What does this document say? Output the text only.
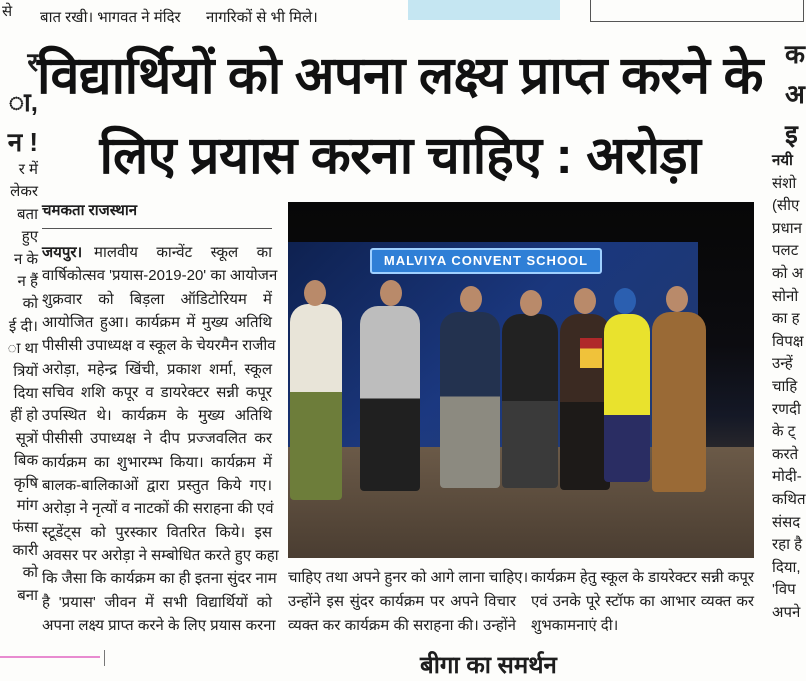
से बात रखी। भागवत ने मंदिर नागरिकों से भी मिले।
विद्यार्थियों को अपना लक्ष्य प्राप्त करने के
लिए प्रयास करना चाहिए : अरोड़ा
चमकता राजस्थान
जयपुर। मालवीय कान्वेंट स्कूल का
वार्षिकोत्सव 'प्रयास-2019-20' का आयोजन
शुक्रवार को बिड़ला ऑडिटोरियम में
आयोजित हुआ। कार्यक्रम में मुख्य अतिथि
पीसीसी उपाध्यक्ष व स्कूल के चेयरमैन राजीव
अरोड़ा, महेन्द्र खिंची, प्रकाश शर्मा, स्कूल
सचिव शशि कपूर व डायरेक्टर सन्नी कपूर
उपस्थित थे। कार्यक्रम के मुख्य अतिथि
पीसीसी उपाध्यक्ष ने दीप प्रज्जवलित कर
कार्यक्रम का शुभारम्भ किया। कार्यक्रम में
बालक-बालिकाओं द्वारा प्रस्तुत किये गए।
अरोड़ा ने नृत्यों व नाटकों की सराहना की एवं
स्टूडेंट्स को पुरस्कार वितरित किये। इस
अवसर पर अरोड़ा ने सम्बोधित करते हुए कहा
कि जैसा कि कार्यक्रम का ही इतना सुंदर नाम
है 'प्रयास' जीवन में सभी विद्यार्थियों को
अपना लक्ष्य प्राप्त करने के लिए प्रयास करना
MALVIYA CONVENT SCHOOL
चाहिए तथा अपने हुनर को आगे लाना चाहिए।
उन्होंने इस सुंदर कार्यक्रम पर अपने विचार
व्यक्त कर कार्यक्रम की सराहना की। उन्होंने
कार्यक्रम हेतु स्कूल के डायरेक्टर सन्नी कपूर
एवं उनके पूरे स्टॉफ का आभार व्यक्त कर
शुभकामनाएं दी।
र
ा,
न !
र में
लेकर
बता
हुए
न के
न हैं
को
ई दी।
ा था
त्रियों
दिया
हीं हो
सूत्रों
बिक
कृषि
मांग
फंसा
कारी
को
बना
क
अ
इ
नयी
संशो
(सीए
प्रधान
पलट
को अ
सोनो
का ह
विपक्ष
उन्हें
चाहि
रणदी
के ट्
करते
मोदी-
कथित
संसद
रहा है
दिया,
'विप
अपने
बीगा का समर्थन
